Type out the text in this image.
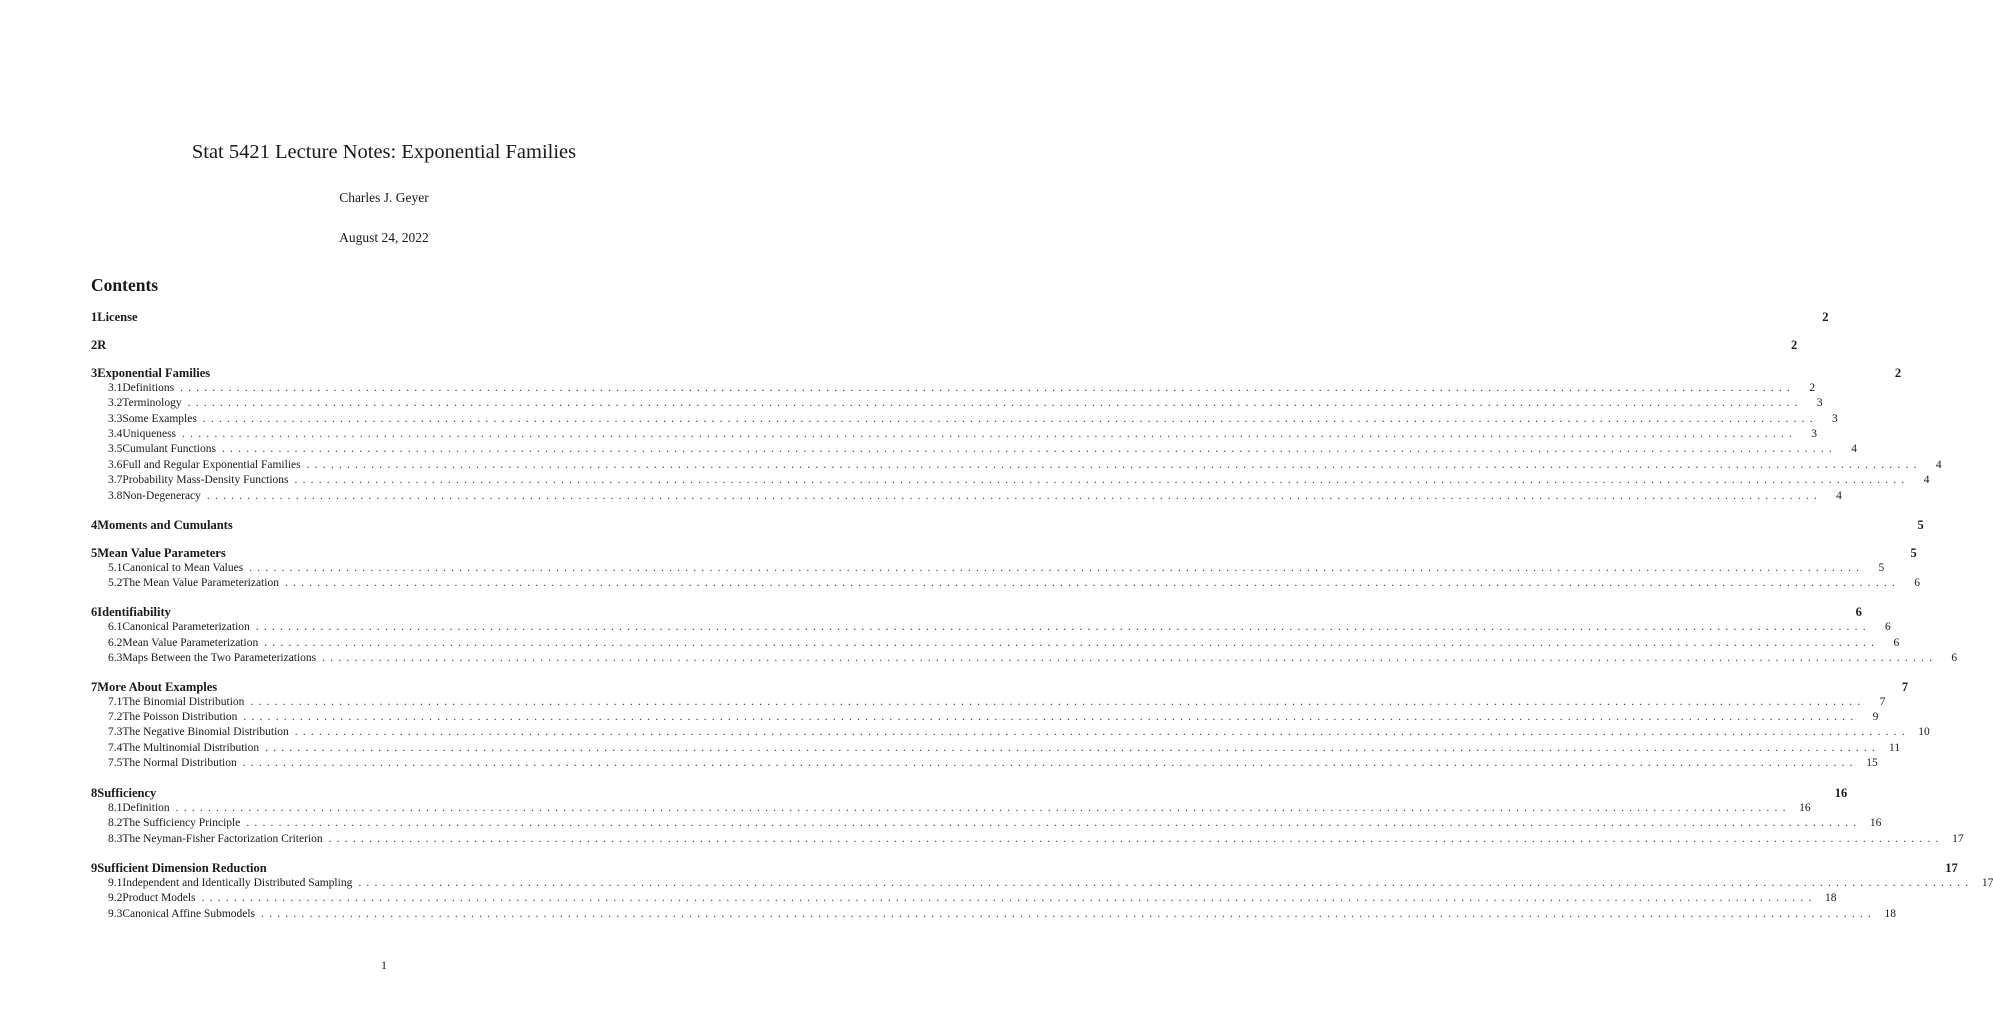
Stat 5421 Lecture Notes: Exponential Families
Charles J. Geyer
August 24, 2022
Contents
1 License	2
2 R	2
3 Exponential Families	2
3.1 Definitions ........................................................................................................................................................................................................	2
3.2 Terminology ........................................................................................................................................................................................................	3
3.3 Some Examples ........................................................................................................................................................................................................	3
3.4 Uniqueness ........................................................................................................................................................................................................	3
3.5 Cumulant Functions ........................................................................................................................................................................................................	4
3.6 Full and Regular Exponential Families ........................................................................................................................................................................................................	4
3.7 Probability Mass-Density Functions ........................................................................................................................................................................................................	4
3.8 Non-Degeneracy ........................................................................................................................................................................................................	4
4 Moments and Cumulants	5
5 Mean Value Parameters	5
5.1 Canonical to Mean Values ........................................................................................................................................................................................................	5
5.2 The Mean Value Parameterization ........................................................................................................................................................................................................	6
6 Identifiability	6
6.1 Canonical Parameterization ........................................................................................................................................................................................................	6
6.2 Mean Value Parameterization ........................................................................................................................................................................................................	6
6.3 Maps Between the Two Parameterizations ........................................................................................................................................................................................................	6
7 More About Examples	7
7.1 The Binomial Distribution ........................................................................................................................................................................................................	7
7.2 The Poisson Distribution ........................................................................................................................................................................................................	9
7.3 The Negative Binomial Distribution ........................................................................................................................................................................................................ 10
7.4 The Multinomial Distribution ........................................................................................................................................................................................................ 11
7.5 The Normal Distribution ........................................................................................................................................................................................................ 15
8 Sufficiency	16
8.1 Definition ........................................................................................................................................................................................................ 16
8.2 The Sufficiency Principle ........................................................................................................................................................................................................ 16
8.3 The Neyman-Fisher Factorization Criterion ........................................................................................................................................................................................................ 17
9 Sufficient Dimension Reduction	17
9.1 Independent and Identically Distributed Sampling ........................................................................................................................................................................................................ 17
9.2 Product Models ........................................................................................................................................................................................................ 18
9.3 Canonical Affine Submodels ........................................................................................................................................................................................................ 18
1
